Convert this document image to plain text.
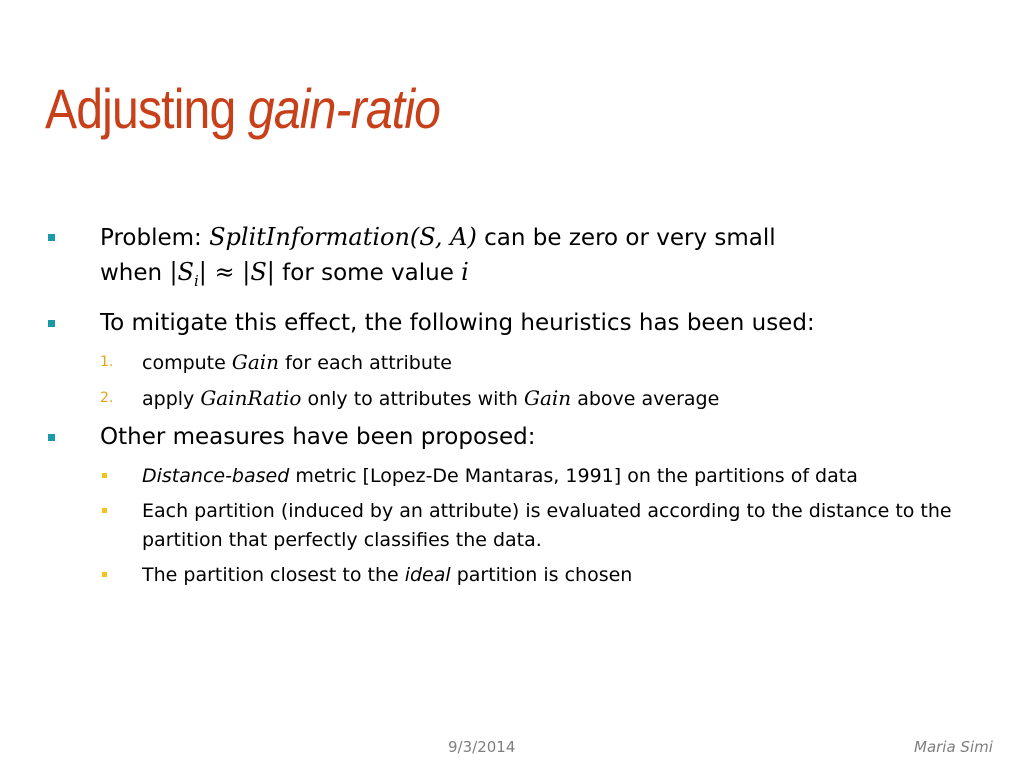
Adjusting gain-ratio
Problem: SplitInformation(S, A) can be zero or very small
when $|S_i| \approx |S|$ for some value i
To mitigate this effect, the following heuristics has been used:
1. compute Gain for each attribute
2. apply GainRatio only to attributes with Gain above average
Other measures have been proposed:
Distance-based metric [Lopez-De Mantaras, 1991] on the partitions of data
Each partition (induced by an attribute) is evaluated according to the distance to the partition that perfectly classifies the data.
The partition closest to the ideal partition is chosen
9/3/2014	Maria Simi
